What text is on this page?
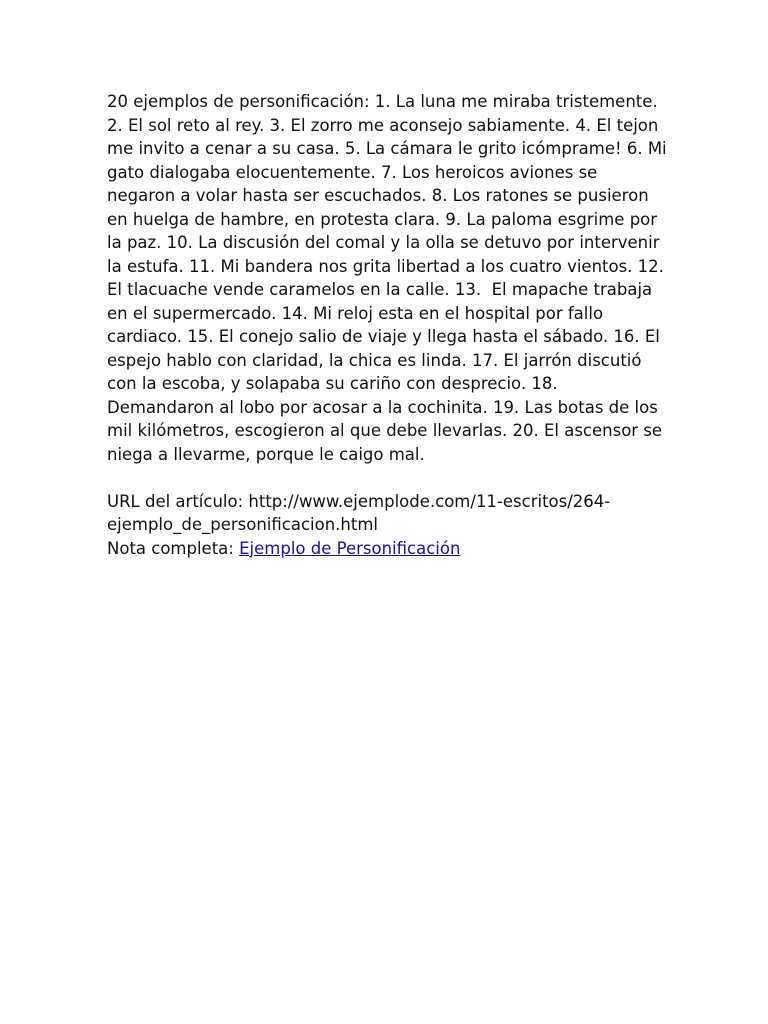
20 ejemplos de personificación: 1. La luna me miraba tristemente. 2. El sol reto al rey. 3. El zorro me aconsejo sabiamente. 4. El tejon me invito a cenar a su casa. 5. La cámara le grito icómprame! 6. Mi gato dialogaba elocuentemente. 7. Los heroicos aviones se negaron a volar hasta ser escuchados. 8. Los ratones se pusieron en huelga de hambre, en protesta clara. 9. La paloma esgrime por la paz. 10. La discusión del comal y la olla se detuvo por intervenir la estufa. 11. Mi bandera nos grita libertad a los cuatro vientos. 12. El tlacuache vende caramelos en la calle. 13.  El mapache trabaja en el supermercado. 14. Mi reloj esta en el hospital por fallo cardiaco. 15. El conejo salio de viaje y llega hasta el sábado. 16. El espejo hablo con claridad, la chica es linda. 17. El jarrón discutió con la escoba, y solapaba su cariño con desprecio. 18. Demandaron al lobo por acosar a la cochinita. 19. Las botas de los mil kilómetros, escogieron al que debe llevarlas. 20. El ascensor se niega a llevarme, porque le caigo mal.

URL del artículo: http://www.ejemplode.com/11-escritos/264-ejemplo_de_personificacion.html

Nota completa: Ejemplo de Personificación
